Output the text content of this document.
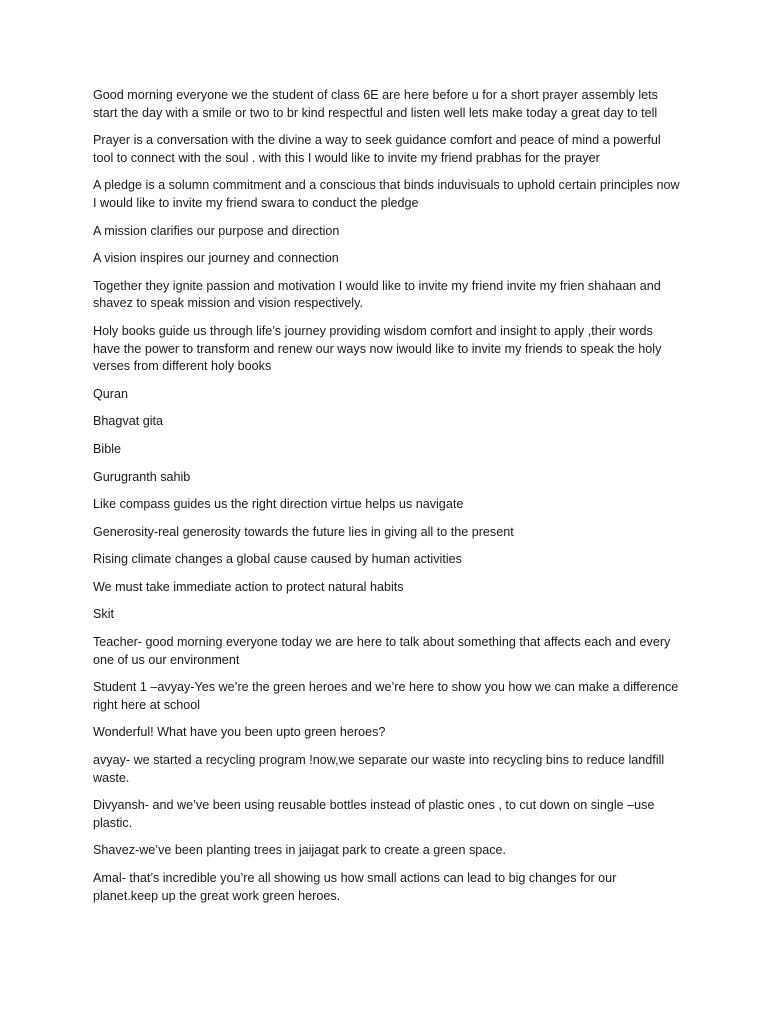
Good morning everyone we the student of class 6E are here before u for a short prayer assembly lets start the day with a smile or two to br kind respectful and listen well lets make today a great day to tell

Prayer is a conversation with the divine a way to seek guidance comfort and peace of mind a powerful tool to connect with the soul . with this I would like to invite my friend prabhas for the prayer

A pledge is a solumn commitment and a conscious that binds induvisuals to uphold certain principles now I would like to invite my friend swara to conduct the pledge

A mission clarifies our purpose and direction

A vision inspires our journey and connection

Together they ignite passion and motivation I would like to invite my friend invite my frien shahaan and shavez to speak mission and vision respectively.

Holy books guide us through life’s journey providing wisdom comfort and insight to apply ,their words have the power to transform and renew our ways now iwould like to invite my friends to speak the holy verses from different holy books

Quran

Bhagvat gita

Bible

Gurugranth sahib

Like compass guides us the right direction virtue helps us navigate

Generosity-real generosity towards the future lies in giving all to the present

Rising climate changes a global cause caused by human activities

We must take immediate action to protect natural habits

Skit

Teacher- good morning everyone today we are here to talk about something that affects each and every one of us our environment

Student 1 –avyay-Yes we’re the green heroes and we’re here to show you how we can make a difference right here at school

Wonderful! What have you been upto green heroes?

avyay- we started a recycling program !now,we separate our waste into recycling bins to reduce landfill waste.

Divyansh- and we’ve been using reusable bottles instead of plastic ones , to cut down on single –use plastic.

Shavez-we’ve been planting trees in jaijagat park to create a green space.

Amal- that’s incredible you’re all showing us how small actions can lead to big changes for our planet.keep up the great work green heroes.
